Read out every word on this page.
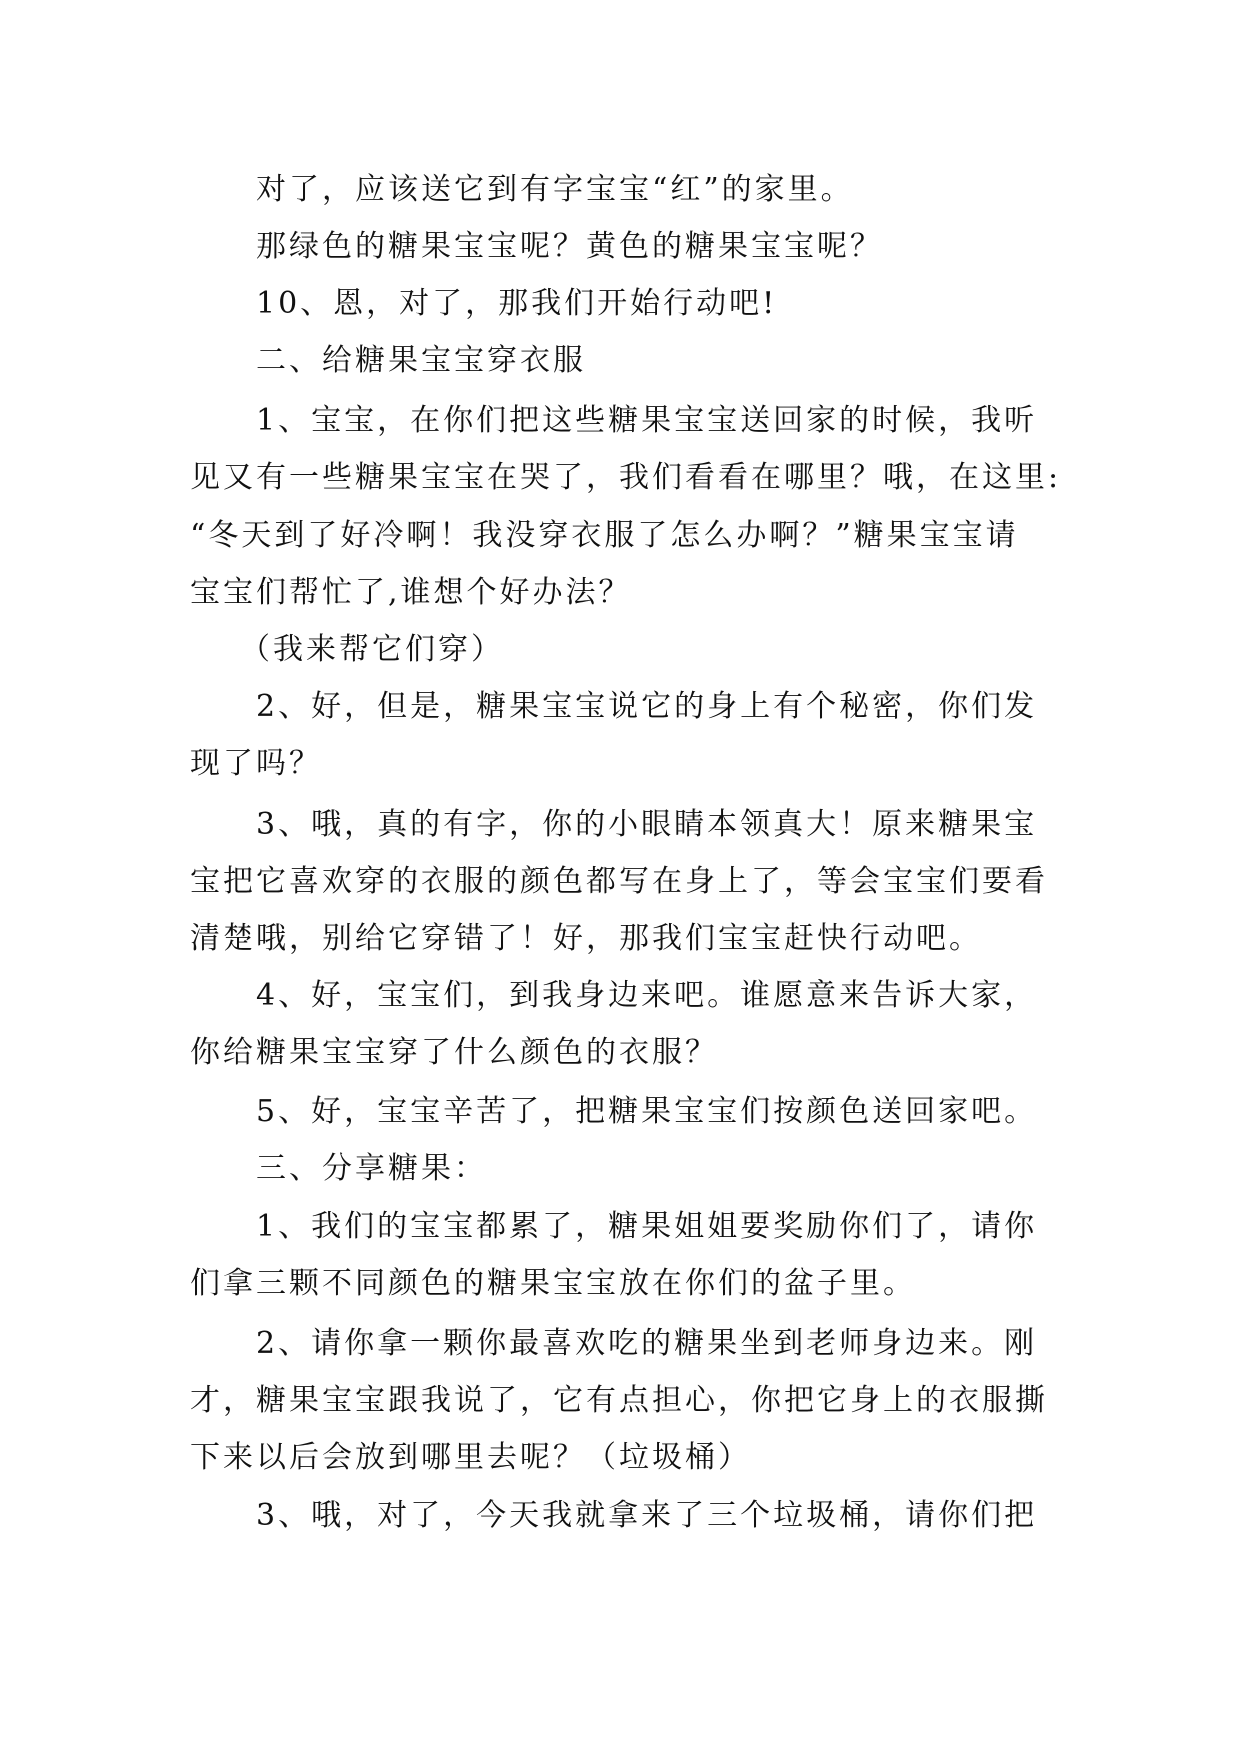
对了，应该送它到有字宝宝“红”的家里。
那绿色的糖果宝宝呢？黄色的糖果宝宝呢？
10、恩，对了，那我们开始行动吧!
二、给糖果宝宝穿衣服
1、宝宝，在你们把这些糖果宝宝送回家的时候，我听
见又有一些糖果宝宝在哭了，我们看看在哪里？哦，在这里:
“冬天到了好冷啊！我没穿衣服了怎么办啊？”糖果宝宝请
宝宝们帮忙了,谁想个好办法？
（我来帮它们穿）
2、好，但是，糖果宝宝说它的身上有个秘密，你们发
现了吗？
3、哦，真的有字，你的小眼睛本领真大！原来糖果宝
宝把它喜欢穿的衣服的颜色都写在身上了，等会宝宝们要看
清楚哦，别给它穿错了！好，那我们宝宝赶快行动吧。
4、好，宝宝们，到我身边来吧。谁愿意来告诉大家，
你给糖果宝宝穿了什么颜色的衣服？
5、好，宝宝辛苦了，把糖果宝宝们按颜色送回家吧。
三、分享糖果：
1、我们的宝宝都累了，糖果姐姐要奖励你们了，请你
们拿三颗不同颜色的糖果宝宝放在你们的盆子里。
2、请你拿一颗你最喜欢吃的糖果坐到老师身边来。刚
才，糖果宝宝跟我说了，它有点担心，你把它身上的衣服撕
下来以后会放到哪里去呢？（垃圾桶）
3、哦，对了，今天我就拿来了三个垃圾桶，请你们把
